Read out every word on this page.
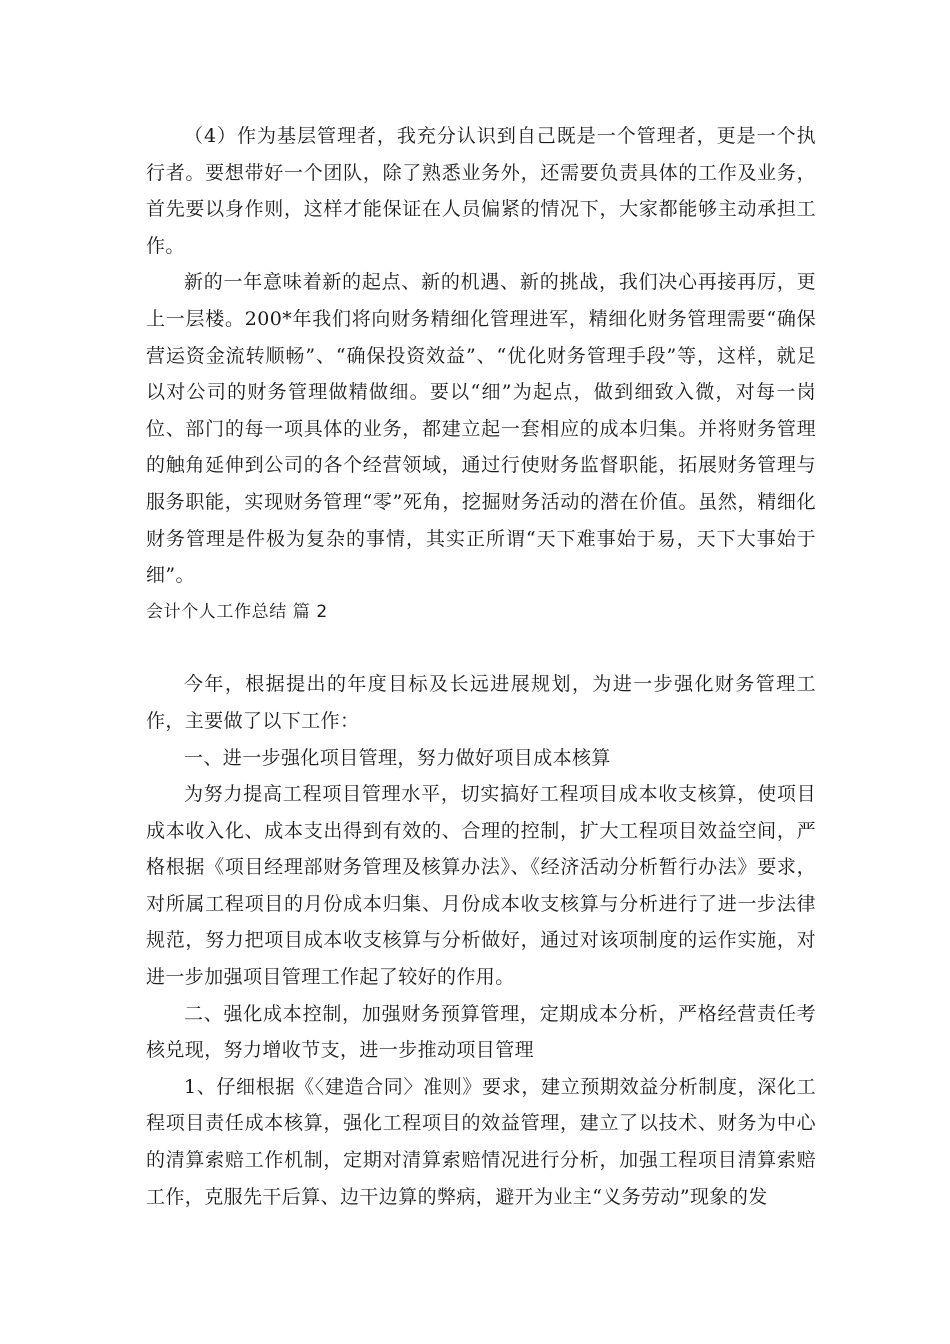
（4）作为基层管理者，我充分认识到自己既是一个管理者，更是一个执行者。要想带好一个团队，除了熟悉业务外，还需要负责具体的工作及业务，首先要以身作则，这样才能保证在人员偏紧的情况下，大家都能够主动承担工作。

新的一年意味着新的起点、新的机遇、新的挑战，我们决心再接再厉，更上一层楼。200*年我们将向财务精细化管理进军，精细化财务管理需要“确保营运资金流转顺畅”、“确保投资效益”、“优化财务管理手段”等，这样，就足以对公司的财务管理做精做细。要以“细”为起点，做到细致入微，对每一岗位、部门的每一项具体的业务，都建立起一套相应的成本归集。并将财务管理的触角延伸到公司的各个经营领域，通过行使财务监督职能，拓展财务管理与服务职能，实现财务管理“零”死角，挖掘财务活动的潜在价值。虽然，精细化财务管理是件极为复杂的事情，其实正所谓“天下难事始于易，天下大事始于细”。

会计个人工作总结 篇 2

今年，根据提出的年度目标及长远进展规划，为进一步强化财务管理工作，主要做了以下工作：

一、进一步强化项目管理，努力做好项目成本核算

为努力提高工程项目管理水平，切实搞好工程项目成本收支核算，使项目成本收入化、成本支出得到有效的、合理的控制，扩大工程项目效益空间，严格根据《项目经理部财务管理及核算办法》、《经济活动分析暂行办法》要求，对所属工程项目的月份成本归集、月份成本收支核算与分析进行了进一步法律规范，努力把项目成本收支核算与分析做好，通过对该项制度的运作实施，对进一步加强项目管理工作起了较好的作用。

二、强化成本控制，加强财务预算管理，定期成本分析，严格经营责任考核兑现，努力增收节支，进一步推动项目管理

1、仔细根据《〈建造合同〉准则》要求，建立预期效益分析制度，深化工程项目责任成本核算，强化工程项目的效益管理，建立了以技术、财务为中心的清算索赔工作机制，定期对清算索赔情况进行分析，加强工程项目清算索赔工作，克服先干后算、边干边算的弊病，避开为业主“义务劳动”现象的发
